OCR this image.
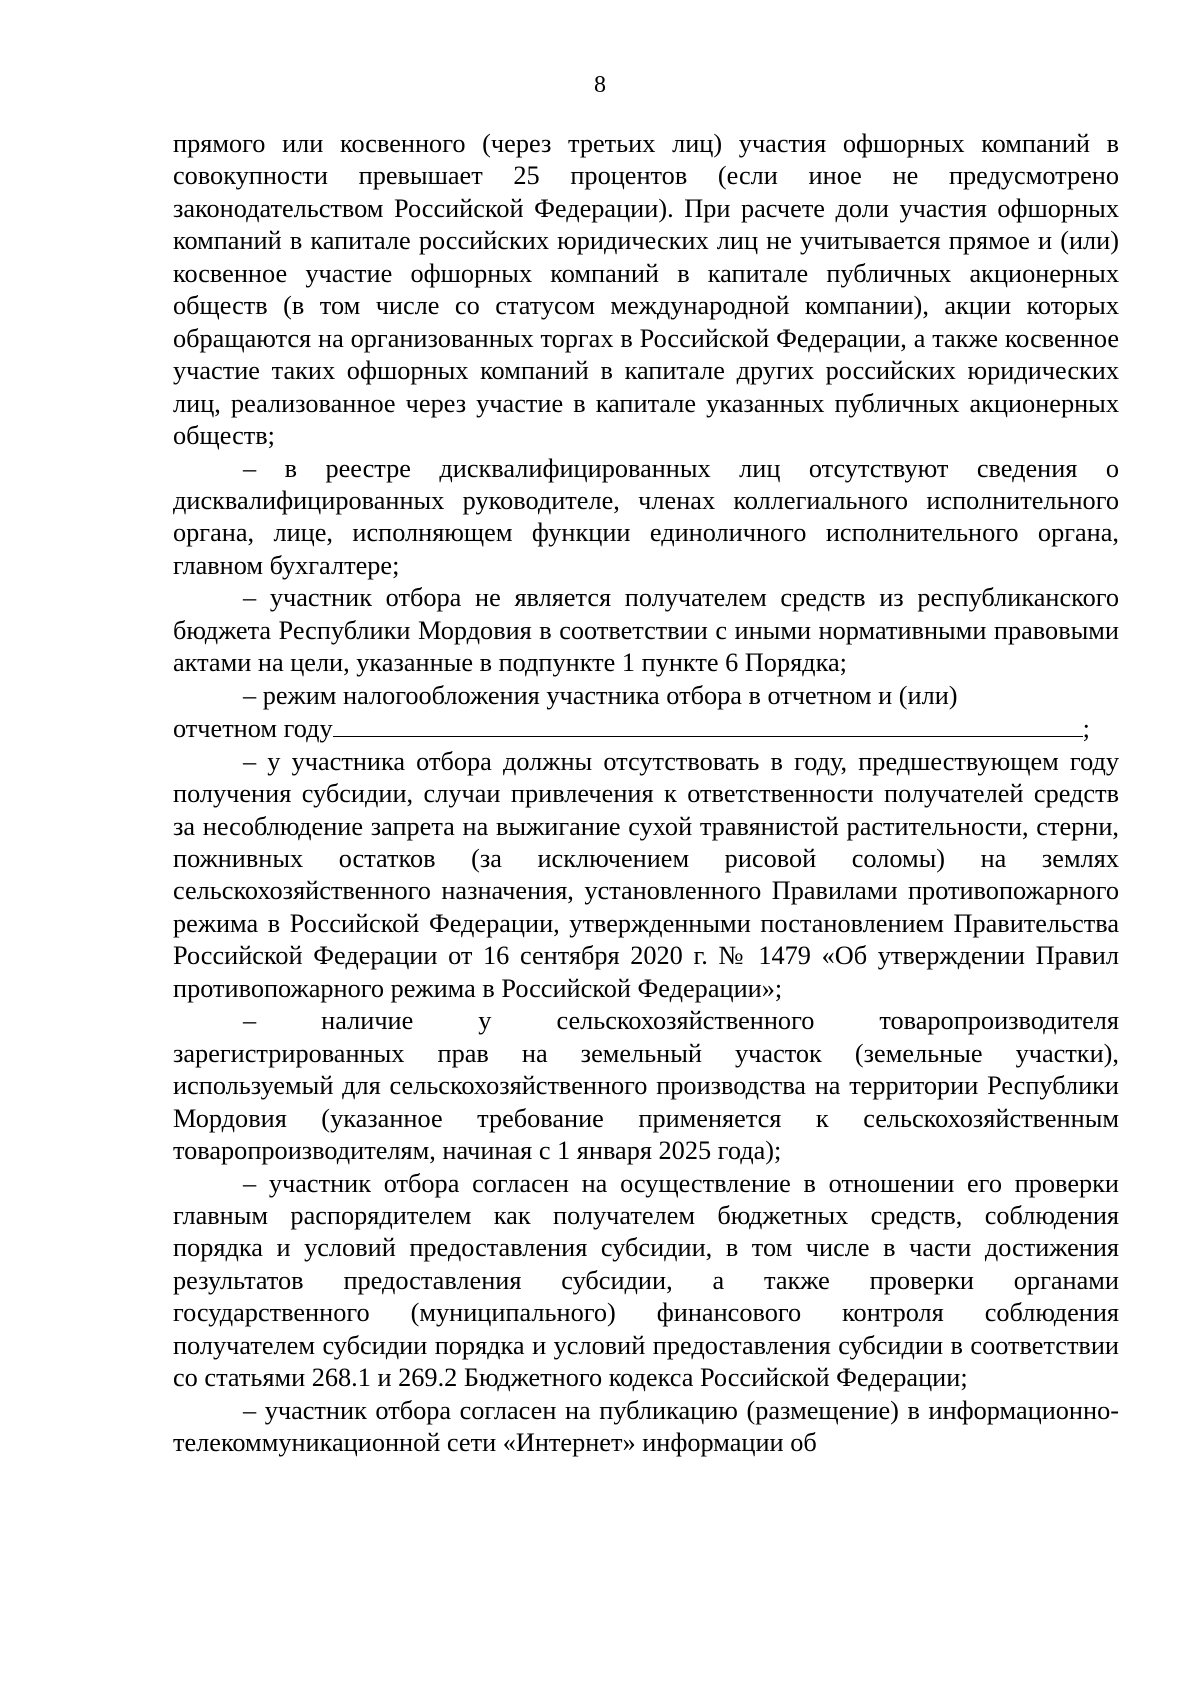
8

прямого или косвенного (через третьих лиц) участия офшорных компаний в совокупности превышает 25 процентов (если иное не предусмотрено законодательством Российской Федерации). При расчете доли участия офшорных компаний в капитале российских юридических лиц не учитывается прямое и (или) косвенное участие офшорных компаний в капитале публичных акционерных обществ (в том числе со статусом международной компании), акции которых обращаются на организованных торгах в Российской Федерации, а также косвенное участие таких офшорных компаний в капитале других российских юридических лиц, реализованное через участие в капитале указанных публичных акционерных обществ;

– в реестре дисквалифицированных лиц отсутствуют сведения о дисквалифицированных руководителе, членах коллегиального исполнительного органа, лице, исполняющем функции единоличного исполнительного органа, главном бухгалтере;

– участник отбора не является получателем средств из республиканского бюджета Республики Мордовия в соответствии с иными нормативными правовыми актами на цели, указанные в подпункте 1 пункте 6 Порядка;

– режим налогообложения участника отбора в отчетном и (или)
отчетном году	;

– у участника отбора должны отсутствовать в году, предшествующем году получения субсидии, случаи привлечения к ответственности получателей средств за несоблюдение запрета на выжигание сухой травянистой растительности, стерни, пожнивных остатков (за исключением рисовой соломы) на землях сельскохозяйственного назначения, установленного Правилами противопожарного режима в Российской Федерации, утвержденными постановлением Правительства Российской Федерации от 16 сентября 2020 г. № 1479 «Об утверждении Правил противопожарного режима в Российской Федерации»;

– наличие у сельскохозяйственного товаропроизводителя зарегистрированных прав на земельный участок (земельные участки), используемый для сельскохозяйственного производства на территории Республики Мордовия (указанное требование применяется к сельскохозяйственным товаропроизводителям, начиная с 1 января 2025 года);

– участник отбора согласен на осуществление в отношении его проверки главным распорядителем как получателем бюджетных средств, соблюдения порядка и условий предоставления субсидии, в том числе в части достижения результатов предоставления субсидии, а также проверки органами государственного (муниципального) финансового контроля соблюдения получателем субсидии порядка и условий предоставления субсидии в соответствии со статьями 268.1 и 269.2 Бюджетного кодекса Российской Федерации;

– участник отбора согласен на публикацию (размещение) в информационно-телекоммуникационной сети «Интернет» информации об
